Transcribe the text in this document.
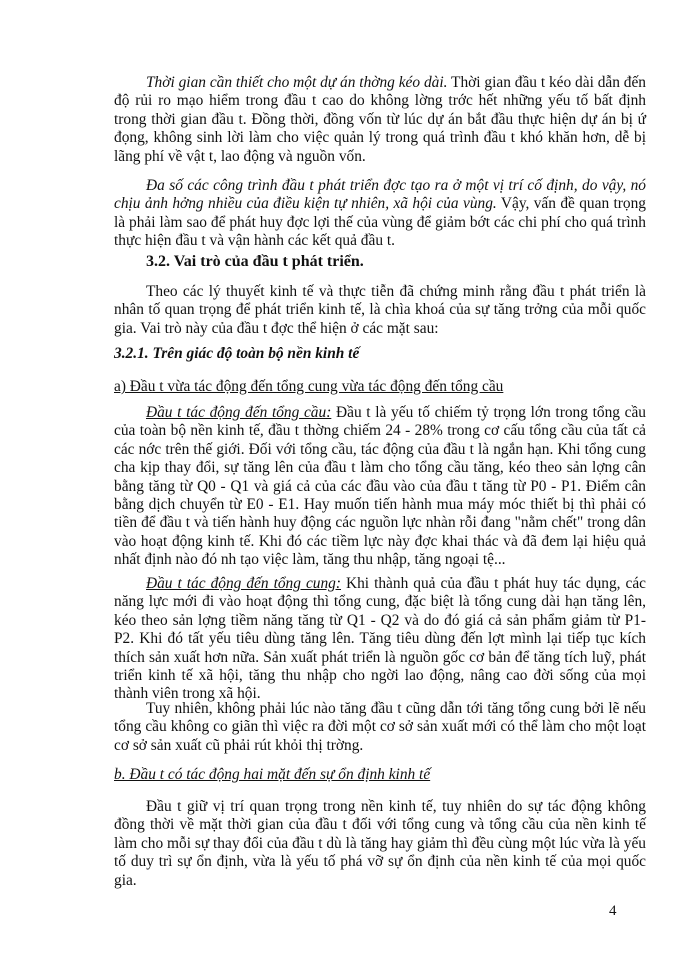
Thời gian cần thiết cho một dự án thờng kéo dài. Thời gian đầu t kéo dài dẫn đến độ rủi ro mạo hiểm trong đầu t cao do không lờng trớc hết những yếu tố bất định trong thời gian đầu t. Đồng thời, đồng vốn từ lúc dự án bắt đầu thực hiện dự án bị ứ đọng, không sinh lời làm cho việc quản lý trong quá trình đầu t khó khăn hơn, dễ bị lãng phí về vật t, lao động và nguồn vốn.

Đa số các công trình đầu t phát triển đợc tạo ra ở một vị trí cố định, do vậy, nó chịu ảnh hởng nhiều của điều kiện tự nhiên, xã hội của vùng. Vậy, vấn đề quan trọng là phải làm sao để phát huy đợc lợi thế của vùng để giảm bớt các chi phí cho quá trình thực hiện đầu t và vận hành các kết quả đầu t.

3.2. Vai trò của đầu t phát triển.

Theo các lý thuyết kinh tế và thực tiễn đã chứng minh rằng đầu t phát triển là nhân tố quan trọng để phát triển kinh tế, là chìa khoá của sự tăng trởng của mỗi quốc gia. Vai trò này của đầu t đợc thể hiện ở các mặt sau:

3.2.1. Trên giác độ toàn bộ nền kinh tế
a) Đầu t vừa tác động đến tổng cung vừa tác động đến tổng cầu

Đầu t tác động đến tổng cầu: Đầu t là yếu tố chiếm tỷ trọng lớn trong tổng cầu của toàn bộ nền kinh tế, đầu t thờng chiếm 24 - 28% trong cơ cấu tổng cầu của tất cả các nớc trên thế giới. Đối với tổng cầu, tác động của đầu t là ngắn hạn. Khi tổng cung cha kịp thay đổi, sự tăng lên của đầu t làm cho tổng cầu tăng, kéo theo sản lợng cân bằng tăng từ Q0 - Q1 và giá cả của các đầu vào của đầu t tăng từ P0 - P1. Điểm cân bằng dịch chuyển từ E0 - E1. Hay muốn tiến hành mua máy móc thiết bị thì phải có tiền để đầu t và tiến hành huy động các nguồn lực nhàn rỗi đang "nằm chết" trong dân vào hoạt động kinh tế. Khi đó các tiềm lực này đợc khai thác và đã đem lại hiệu quả nhất định nào đó nh tạo việc làm, tăng thu nhập, tăng ngoại tệ...

Đầu t tác động đến tổng cung: Khi thành quả của đầu t phát huy tác dụng, các năng lực mới đi vào hoạt động thì tổng cung, đặc biệt là tổng cung dài hạn tăng lên, kéo theo sản lợng tiềm năng tăng từ Q1 - Q2 và do đó giá cả sản phẩm giảm từ P1- P2. Khi đó tất yếu tiêu dùng tăng lên. Tăng tiêu dùng đến lợt mình lại tiếp tục kích thích sản xuất hơn nữa. Sản xuất phát triển là nguồn gốc cơ bản để tăng tích luỹ, phát triển kinh tế xã hội, tăng thu nhập cho ngời lao động, nâng cao đời sống của mọi thành viên trong xã hội.

Tuy nhiên, không phải lúc nào tăng đầu t cũng dẫn tới tăng tổng cung bởi lẽ nếu tổng cầu không co giãn thì việc ra đời một cơ sở sản xuất mới có thể làm cho một loạt cơ sở sản xuất cũ phải rút khỏi thị trờng.

b. Đầu t có tác động hai mặt đến sự ổn định kinh tế

Đầu t giữ vị trí quan trọng trong nền kinh tế, tuy nhiên do sự tác động không đồng thời về mặt thời gian của đầu t đối với tổng cung và tổng cầu của nền kinh tế làm cho mỗi sự thay đổi của đầu t dù là tăng hay giảm thì đều cùng một lúc vừa là yếu tố duy trì sự ổn định, vừa là yếu tố phá vỡ sự ổn định của nền kinh tế của mọi quốc gia.

4
